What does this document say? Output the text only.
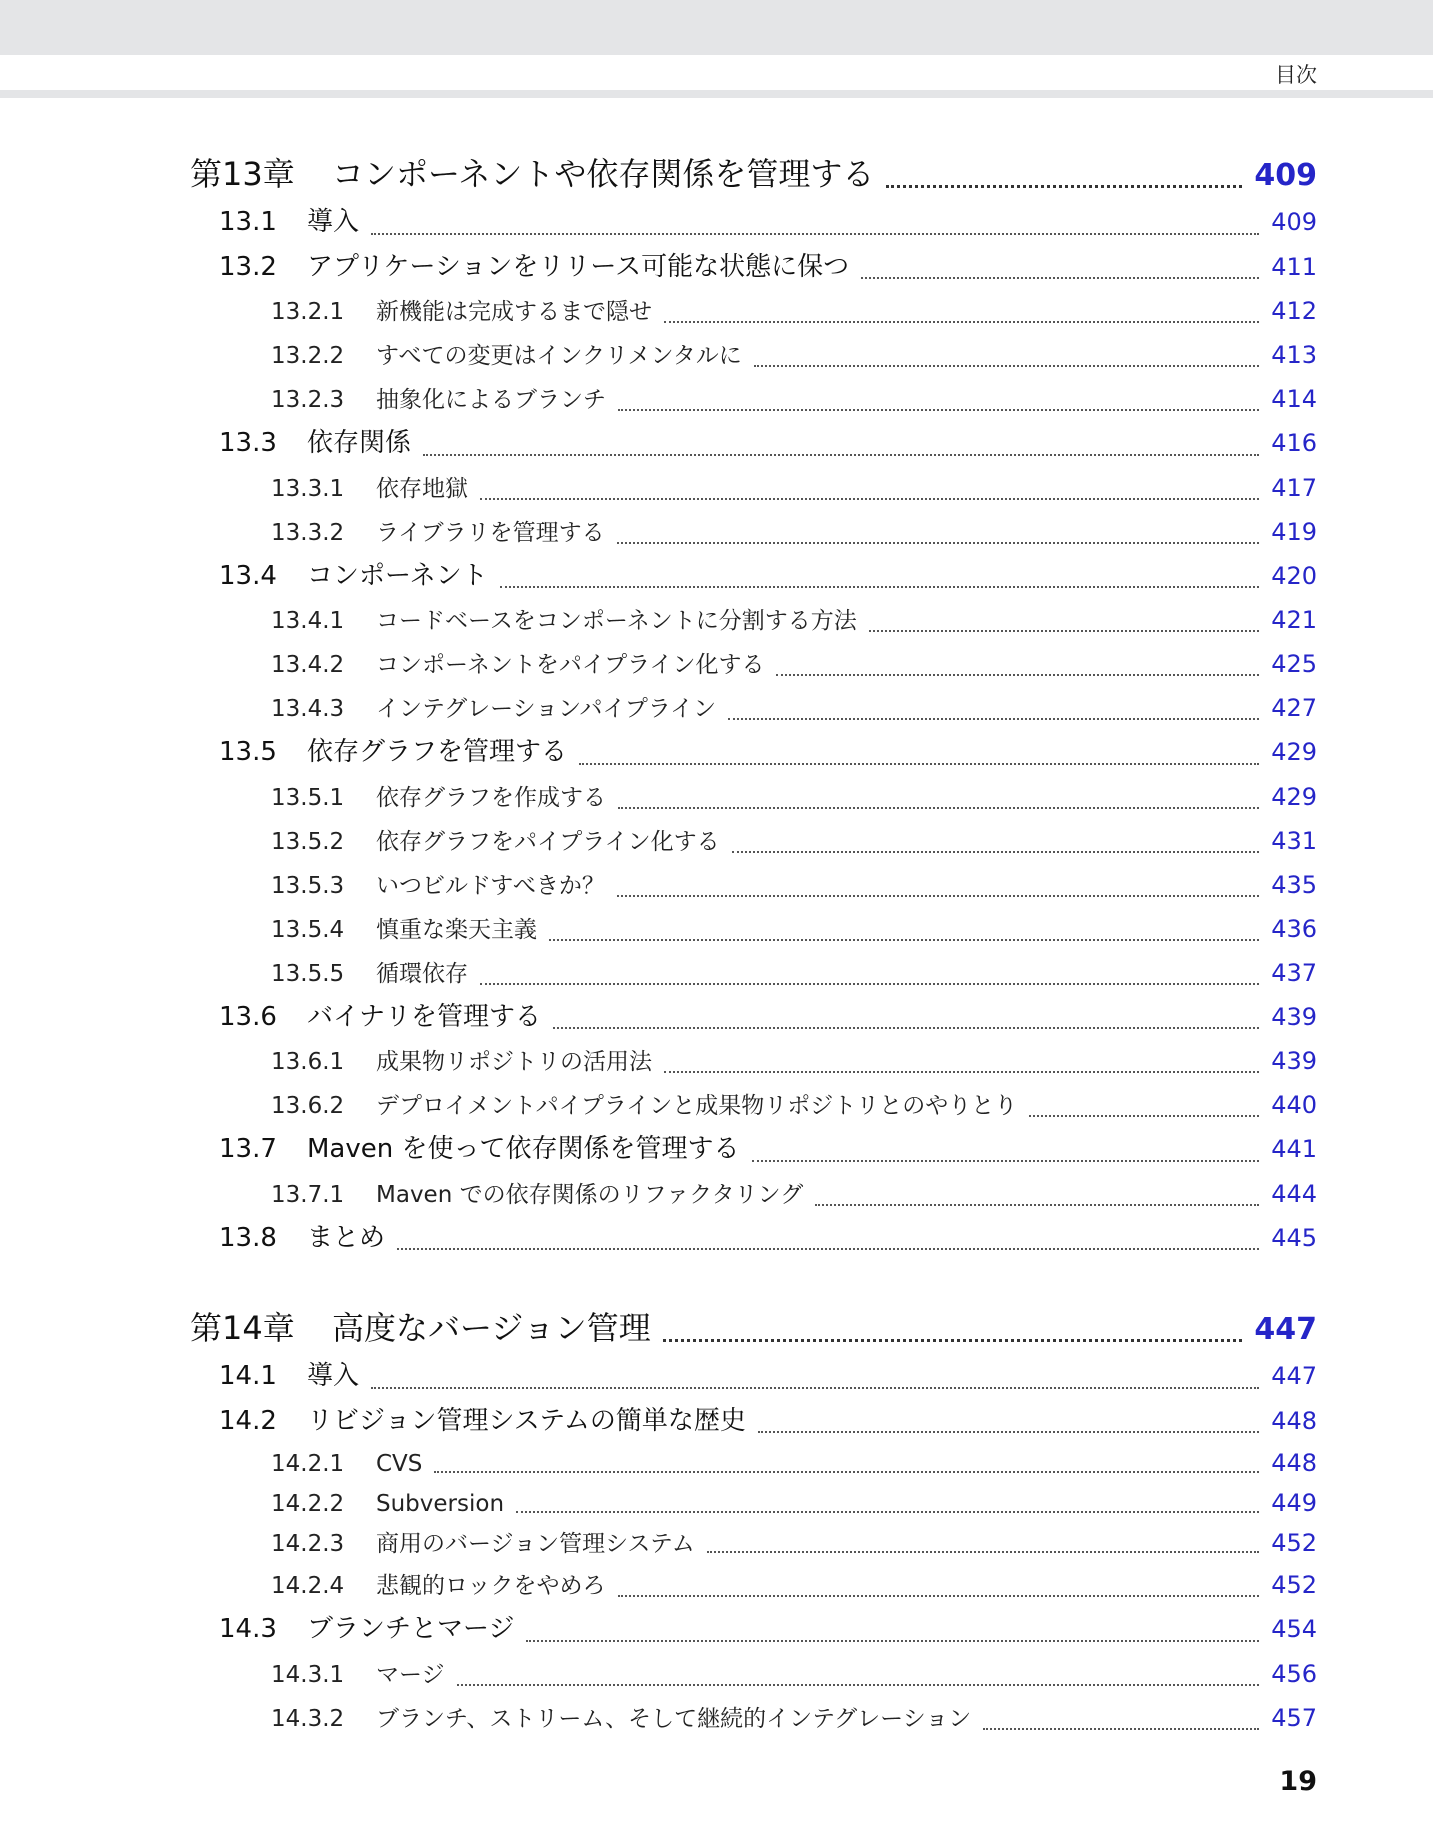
目次
第13章	コンポーネントや依存関係を管理する	409
13.1	導入	409
13.2	アプリケーションをリリース可能な状態に保つ	411
13.2.1	新機能は完成するまで隠せ	412
13.2.2	すべての変更はインクリメンタルに	413
13.2.3	抽象化によるブランチ	414
13.3	依存関係	416
13.3.1	依存地獄	417
13.3.2	ライブラリを管理する	419
13.4	コンポーネント	420
13.4.1	コードベースをコンポーネントに分割する方法	421
13.4.2	コンポーネントをパイプライン化する	425
13.4.3	インテグレーションパイプライン	427
13.5	依存グラフを管理する	429
13.5.1	依存グラフを作成する	429
13.5.2	依存グラフをパイプライン化する	431
13.5.3	いつビルドすべきか？	435
13.5.4	慎重な楽天主義	436
13.5.5	循環依存	437
13.6	バイナリを管理する	439
13.6.1	成果物リポジトリの活用法	439
13.6.2	デプロイメントパイプラインと成果物リポジトリとのやりとり	440
13.7	Maven を使って依存関係を管理する	441
13.7.1	Maven での依存関係のリファクタリング	444
13.8	まとめ	445
第14章	高度なバージョン管理	447
14.1	導入	447
14.2	リビジョン管理システムの簡単な歴史	448
14.2.1	CVS	448
14.2.2	Subversion	449
14.2.3	商用のバージョン管理システム	452
14.2.4	悲観的ロックをやめろ	452
14.3	ブランチとマージ	454
14.3.1	マージ	456
14.3.2	ブランチ、ストリーム、そして継続的インテグレーション	457
19
